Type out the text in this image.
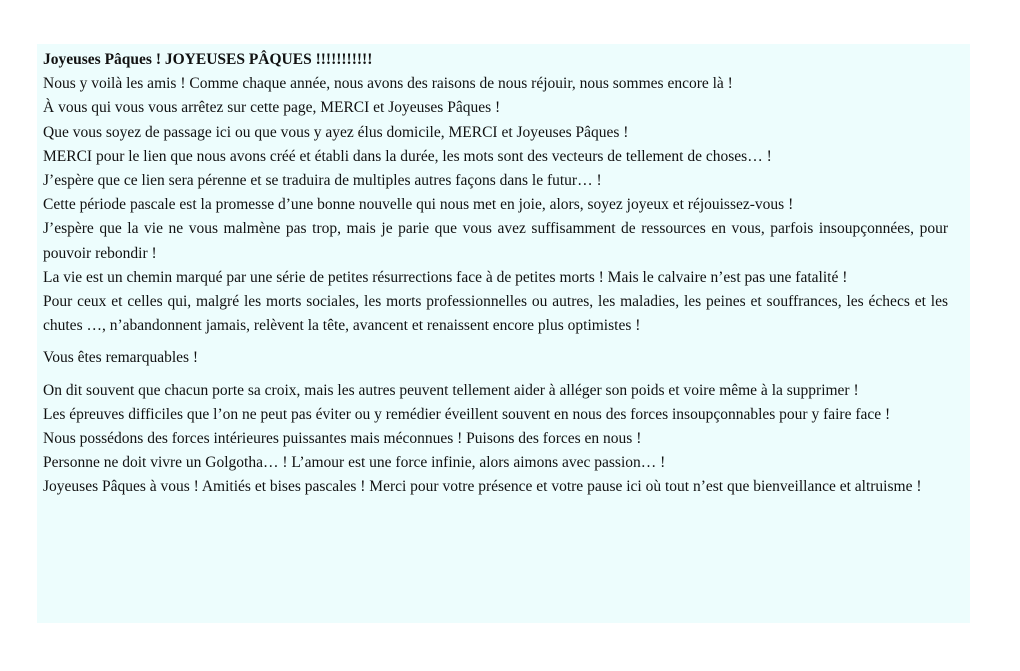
Joyeuses Pâques ! JOYEUSES PÂQUES !!!!!!!!!!!
Nous y voilà les amis ! Comme chaque année, nous avons des raisons de nous réjouir, nous sommes encore là !
À vous qui vous vous arrêtez sur cette page, MERCI et Joyeuses Pâques !
Que vous soyez de passage ici ou que vous y ayez élus domicile, MERCI et Joyeuses Pâques !
MERCI pour le lien que nous avons créé et établi dans la durée, les mots sont des vecteurs de tellement de choses… !
J’espère que ce lien sera pérenne et se traduira de multiples autres façons dans le futur… !
Cette période pascale est la promesse d’une bonne nouvelle qui nous met en joie, alors, soyez joyeux et réjouissez-vous !

J’espère que la vie ne vous malmène pas trop, mais je parie que vous avez suffisamment de ressources en vous, parfois insoupçonnées, pour pouvoir rebondir !

La vie est un chemin marqué par une série de petites résurrections face à de petites morts ! Mais le calvaire n’est pas une fatalité !

Pour ceux et celles qui, malgré les morts sociales, les morts professionnelles ou autres, les maladies, les peines et souffrances, les échecs et les chutes …, n’abandonnent jamais, relèvent la tête, avancent et renaissent encore plus optimistes !

Vous êtes remarquables !

On dit souvent que chacun porte sa croix, mais les autres peuvent tellement aider à alléger son poids et voire même à la supprimer !

Les épreuves difficiles que l’on ne peut pas éviter ou y remédier éveillent souvent en nous des forces insoupçonnables pour y faire face !

Nous possédons des forces intérieures puissantes mais méconnues ! Puisons des forces en nous !

Personne ne doit vivre un Golgotha… ! L’amour est une force infinie, alors aimons avec passion… !

Joyeuses Pâques à vous ! Amitiés et bises pascales ! Merci pour votre présence et votre pause ici où tout n’est que bienveillance et altruisme !
